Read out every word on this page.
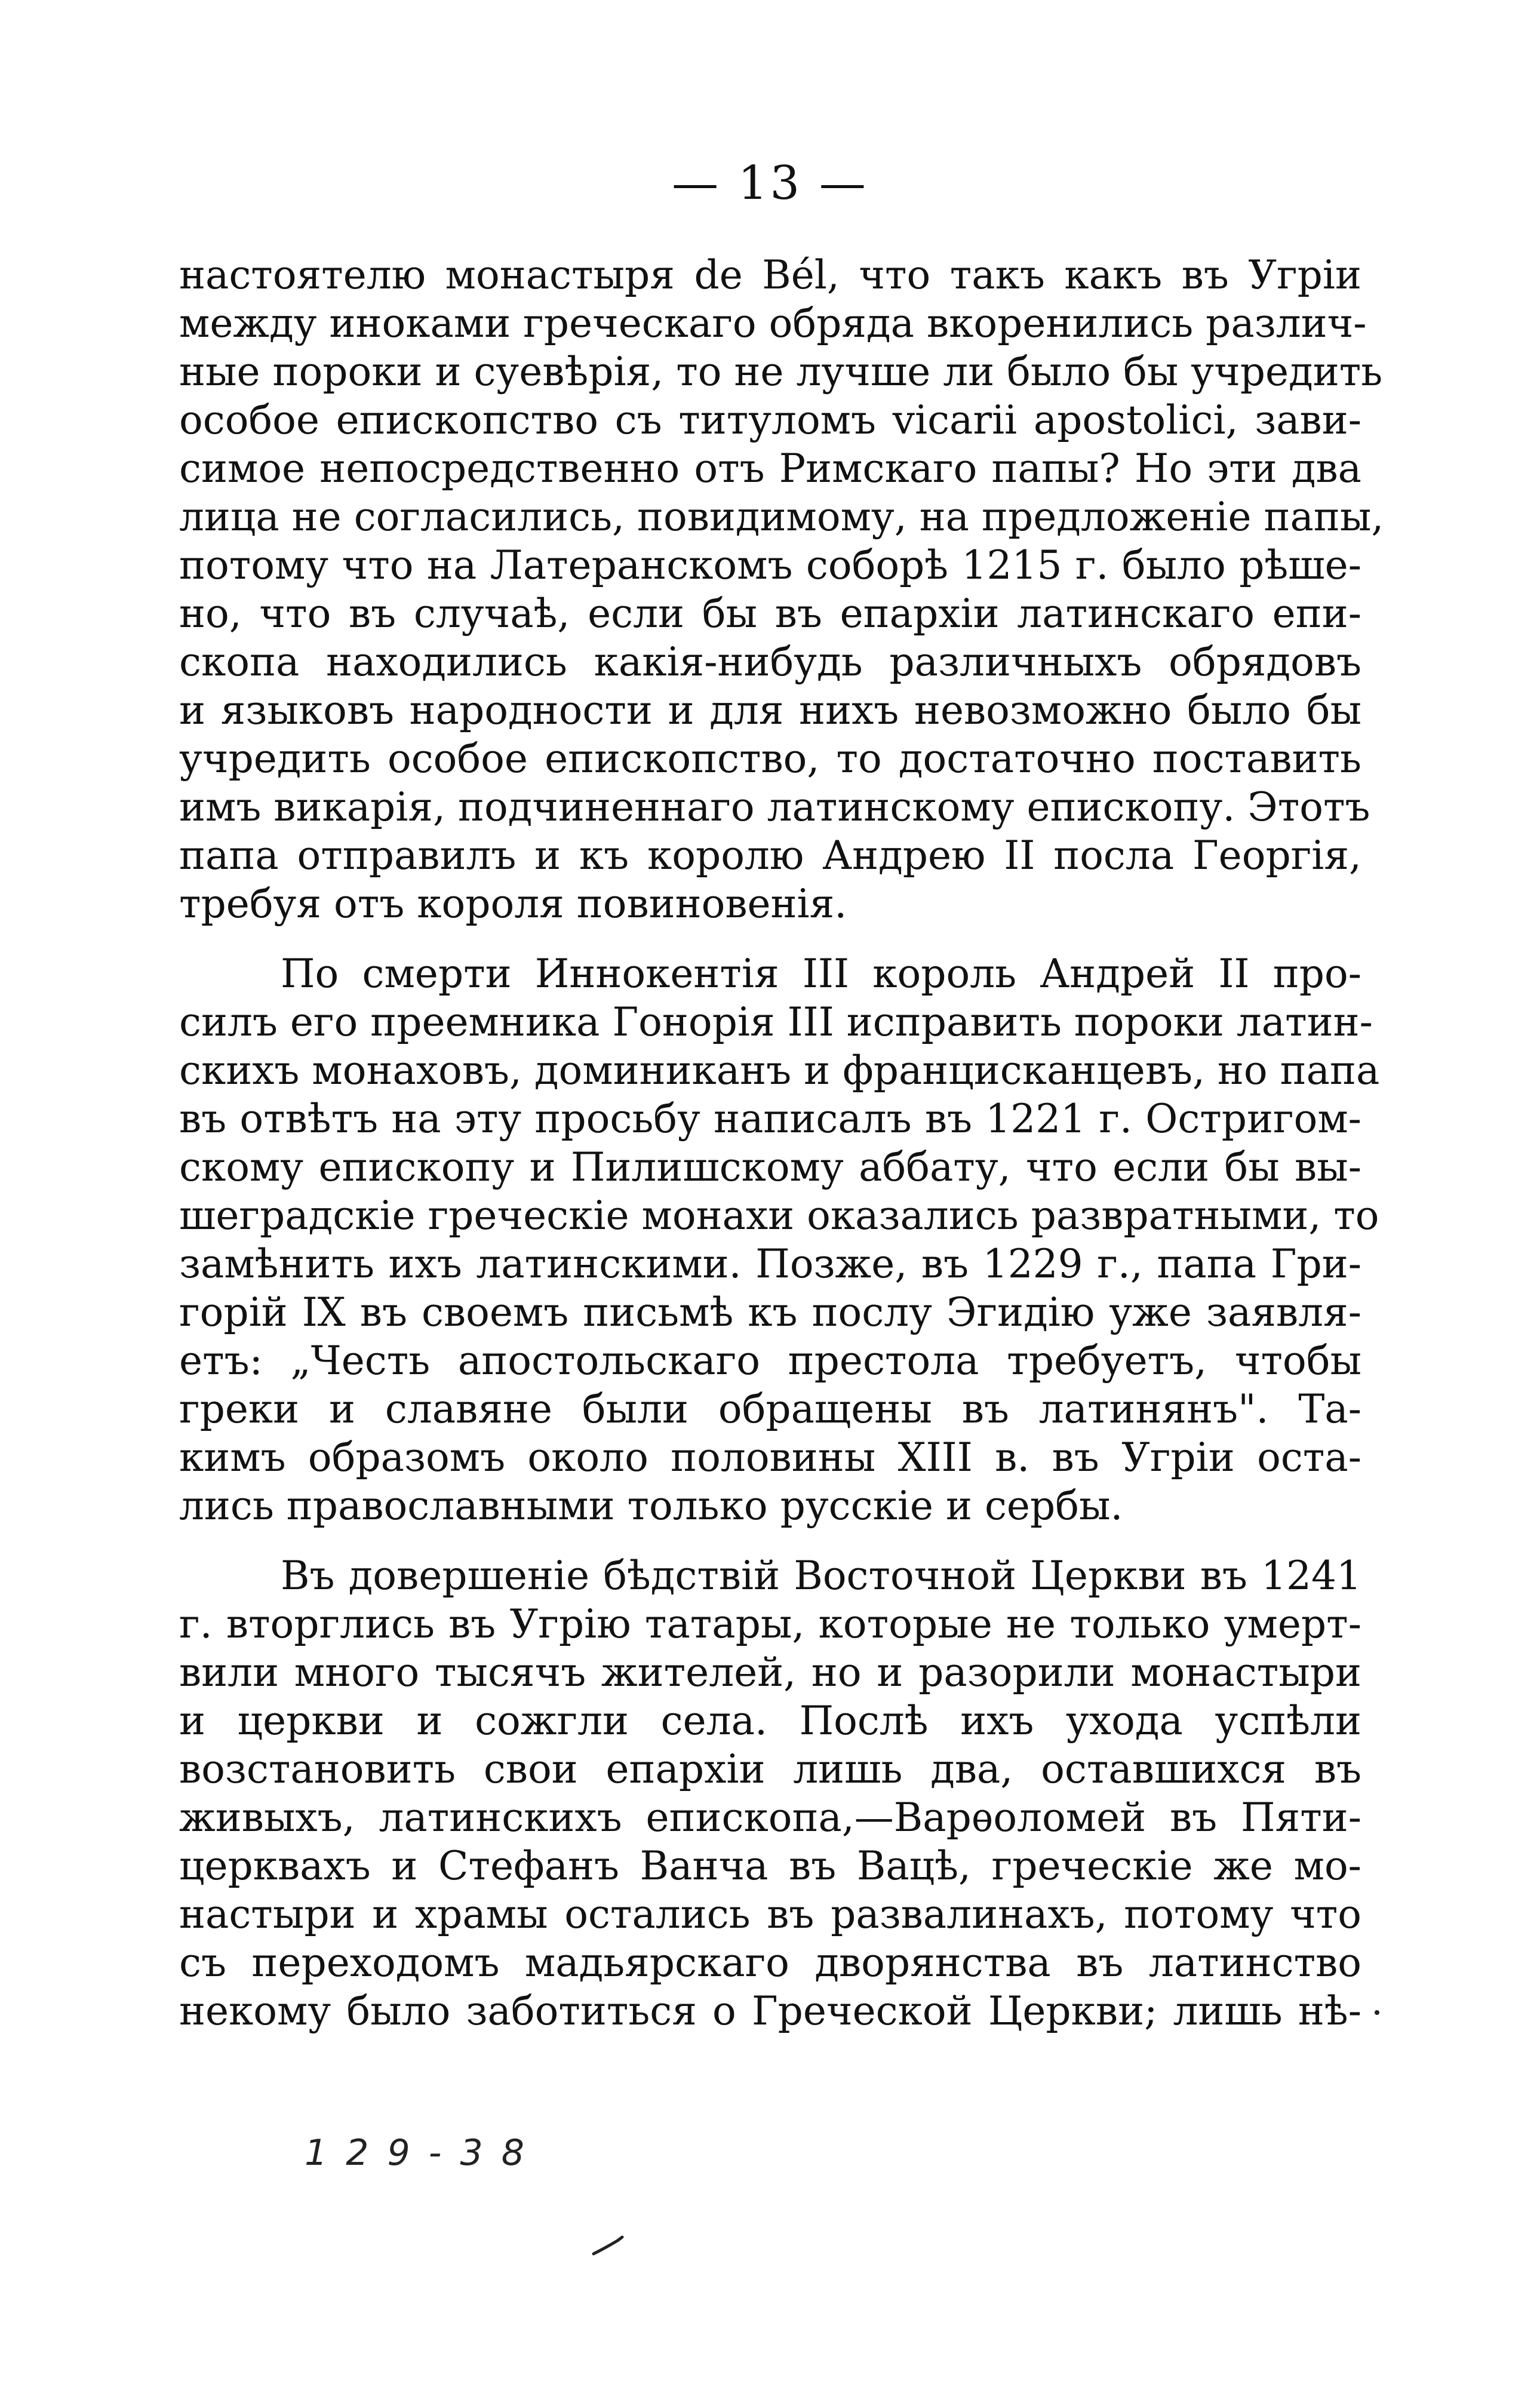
— 13 —
настоятелю монастыря de Bél, что такъ какъ въ Угріи
между иноками греческаго обряда вкоренились различ-
ные пороки и суевѣрія, то не лучше ли было бы учредить
особое епископство съ титуломъ vicarii apostolici, зави-
симое непосредственно отъ Римскаго папы? Но эти два
лица не согласились, повидимому, на предложеніе папы,
потому что на Латеранскомъ соборѣ 1215 г. было рѣше-
но, что въ случаѣ, если бы въ епархіи латинскаго епи-
скопа находились какія-нибудь различныхъ обрядовъ
и языковъ народности и для нихъ невозможно было бы
учредить особое епископство, то достаточно поставить
имъ викарія, подчиненнаго латинскому епископу. Этотъ
папа отправилъ и къ королю Андрею II посла Георгія,
требуя отъ короля повиновенія.
По смерти Иннокентія III король Андрей II про-
силъ его преемника Гонорія III исправить пороки латин-
скихъ монаховъ, доминиканъ и францисканцевъ, но папа
въ отвѣтъ на эту просьбу написалъ въ 1221 г. Остригом-
скому епископу и Пилишскому аббату, что если бы вы-
шеградскіе греческіе монахи оказались развратными, то
замѣнить ихъ латинскими. Позже, въ 1229 г., папа Гри-
горій IX въ своемъ письмѣ къ послу Эгидію уже заявля-
етъ: „Честь апостольскаго престола требуетъ, чтобы
греки и славяне были обращены въ латинянъ". Та-
кимъ образомъ около половины XIII в. въ Угріи оста-
лись православными только русскіе и сербы.
Въ довершеніе бѣдствій Восточной Церкви въ 1241
г. вторглись въ Угрію татары, которые не только умерт-
вили много тысячъ жителей, но и разорили монастыри
и церкви и сожгли села. Послѣ ихъ ухода успѣли
возстановить свои епархіи лишь два, оставшихся въ
живыхъ, латинскихъ епископа,—Варѳоломей въ Пяти-
церквахъ и Стефанъ Ванча въ Вацѣ, греческіе же мо-
настыри и храмы остались въ развалинахъ, потому что
съ переходомъ мадьярскаго дворянства въ латинство
некому было заботиться о Греческой Церкви; лишь нѣ-
1 2 9 - 3 8
